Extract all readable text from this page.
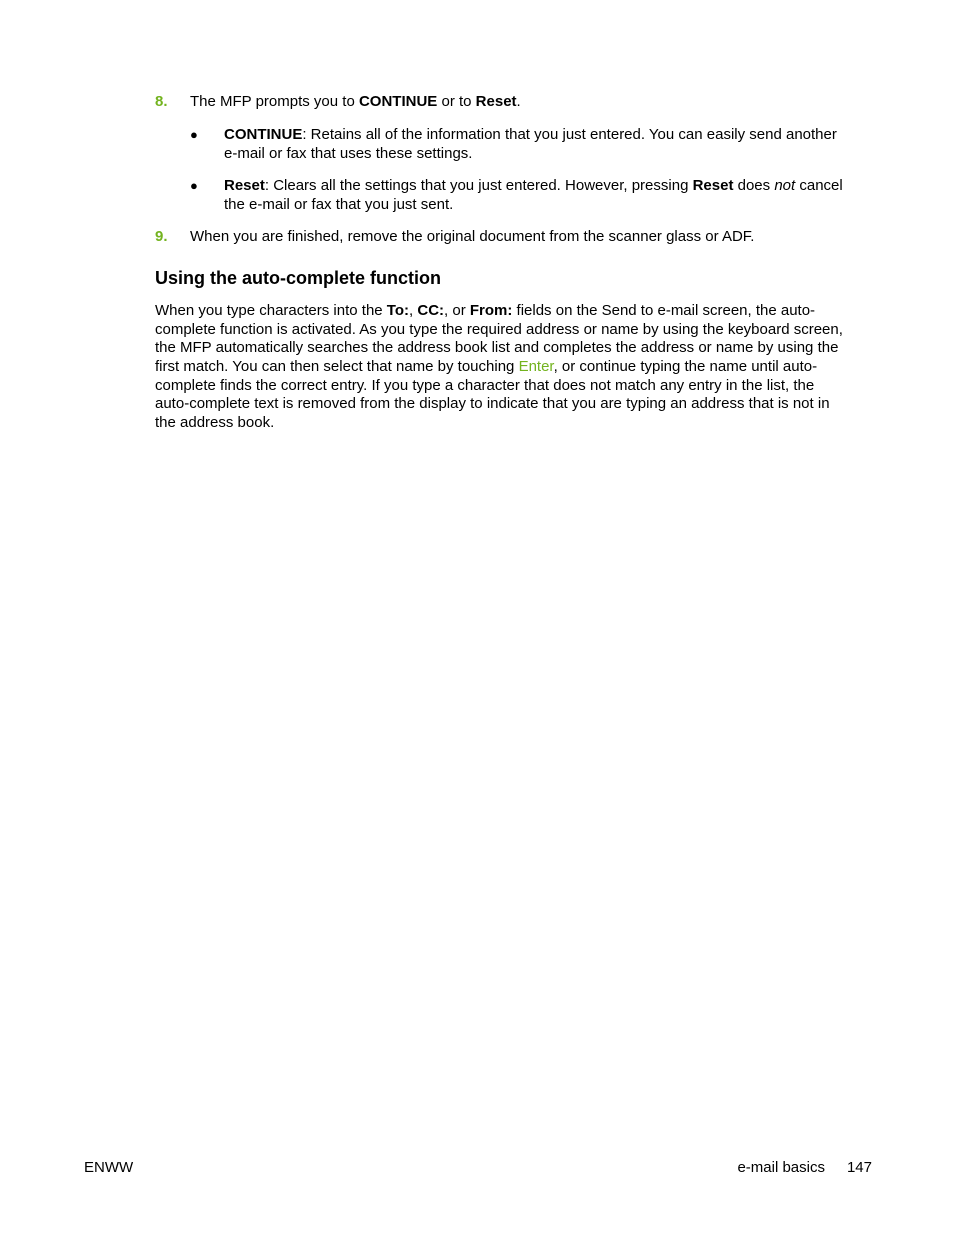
8. The MFP prompts you to CONTINUE or to Reset.
● CONTINUE: Retains all of the information that you just entered. You can easily send another
e-mail or fax that uses these settings.
● Reset: Clears all the settings that you just entered. However, pressing Reset does not cancel
the e-mail or fax that you just sent.
9. When you are finished, remove the original document from the scanner glass or ADF.
Using the auto-complete function
When you type characters into the To:, CC:, or From: fields on the Send to e-mail screen, the auto-
complete function is activated. As you type the required address or name by using the keyboard screen,
the MFP automatically searches the address book list and completes the address or name by using the
first match. You can then select that name by touching Enter, or continue typing the name until auto-
complete finds the correct entry. If you type a character that does not match any entry in the list, the
auto-complete text is removed from the display to indicate that you are typing an address that is not in
the address book.
ENWW	e-mail basics 147
